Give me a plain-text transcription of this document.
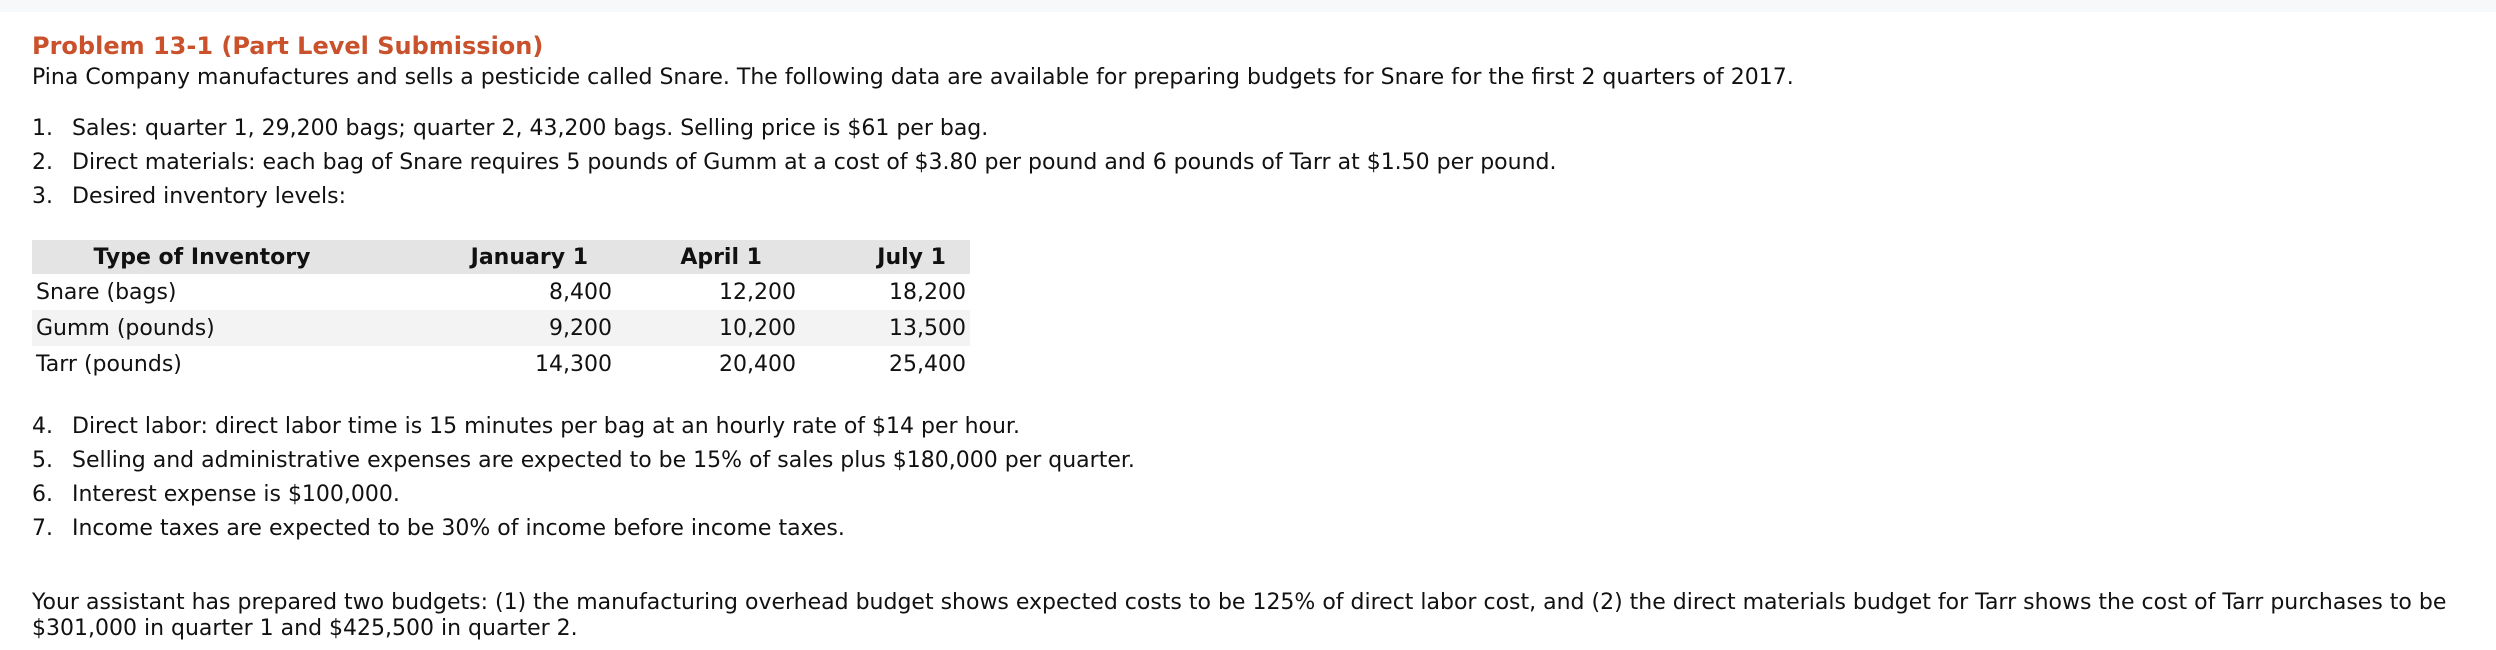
Problem 13-1 (Part Level Submission)

Pina Company manufactures and sells a pesticide called Snare. The following data are available for preparing budgets for Snare for the first 2 quarters of 2017.

1. Sales: quarter 1, 29,200 bags; quarter 2, 43,200 bags. Selling price is $61 per bag.
2. Direct materials: each bag of Snare requires 5 pounds of Gumm at a cost of $3.80 per pound and 6 pounds of Tarr at $1.50 per pound.
3. Desired inventory levels:
Type of Inventory	January 1	April 1	July 1
Snare (bags)	8,400	12,200	18,200
Gumm (pounds)	9,200	10,200	13,500
Tarr (pounds)	14,300	20,400	25,400
4. Direct labor: direct labor time is 15 minutes per bag at an hourly rate of $14 per hour.
5. Selling and administrative expenses are expected to be 15% of sales plus $180,000 per quarter.
6. Interest expense is $100,000.
7. Income taxes are expected to be 30% of income before income taxes.

Your assistant has prepared two budgets: (1) the manufacturing overhead budget shows expected costs to be 125% of direct labor cost, and (2) the direct materials budget for Tarr shows the cost of Tarr purchases to be $301,000 in quarter 1 and $425,500 in quarter 2.
